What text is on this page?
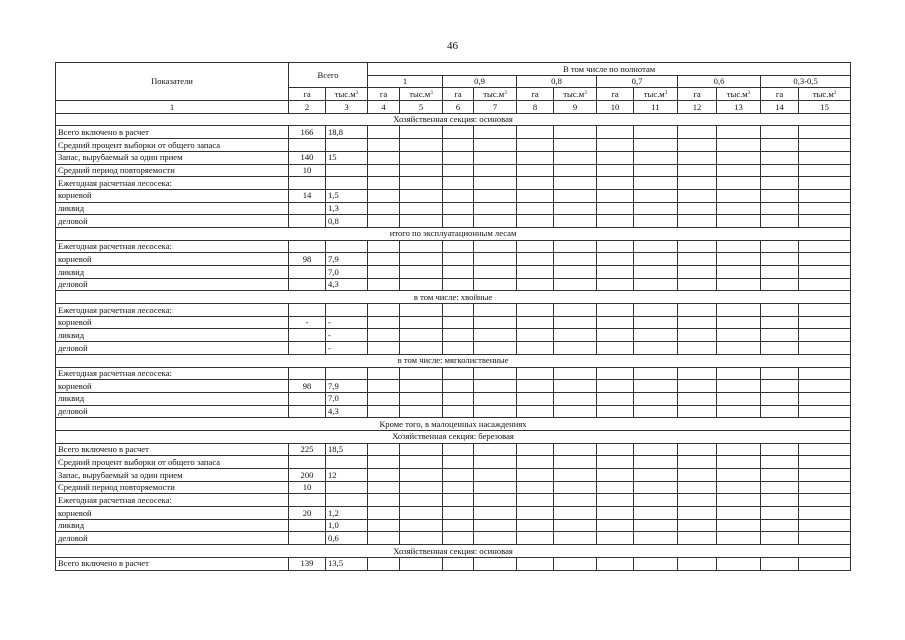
46
Показатели	Всего		В том числе по полнотам											
			1		0,9		0,8		0,7		0,6		0,3-0,5	
	га	$тыс.м^3$	га	$тыс.м^3$	га	$тыс.м^3$	га	$тыс.м^3$	га	$тыс.м^3$	га	$тыс.м^3$	га	$тыс.м^3$
1	2	3	4	5	6	7	8	9	10	11	12	13	14	15
Хозяйственная секция: осиновая														
Всего включено в расчет	166	18,8												
Средний процент выборки от общего запаса														
Запас, вырубаемый за один прием	140	15												
Средний период повторяемости	10													
Ежегодная расчетная лесосека:														
корневой	14	1,5												
ликвид		1,3												
деловой		0,8												
итого по эксплуатационным лесам														
Ежегодная расчетная лесосека:														
корневой	98	7,9												
ликвид		7,0												
деловой		4,3												
в том числе: хвойные														
Ежегодная расчетная лесосека:														
корневой	-	-												
ликвид		-												
деловой		-												
в том числе: мягколиственные														
Ежегодная расчетная лесосека:														
корневой	98	7,9												
ликвид		7,0												
деловой		4,3												
Кроме того, в малоценных насаждениях														
Хозяйственная секция: березовая														
Всего включено в расчет	225	18,5												
Средний процент выборки от общего запаса														
Запас, вырубаемый за один прием	200	12												
Средний период повторяемости	10													
Ежегодная расчетная лесосека:														
корневой	20	1,2												
ликвид		1,0												
деловой		0,6												
Хозяйственная секция: осиновая														
Всего включено в расчет	139	13,5												
